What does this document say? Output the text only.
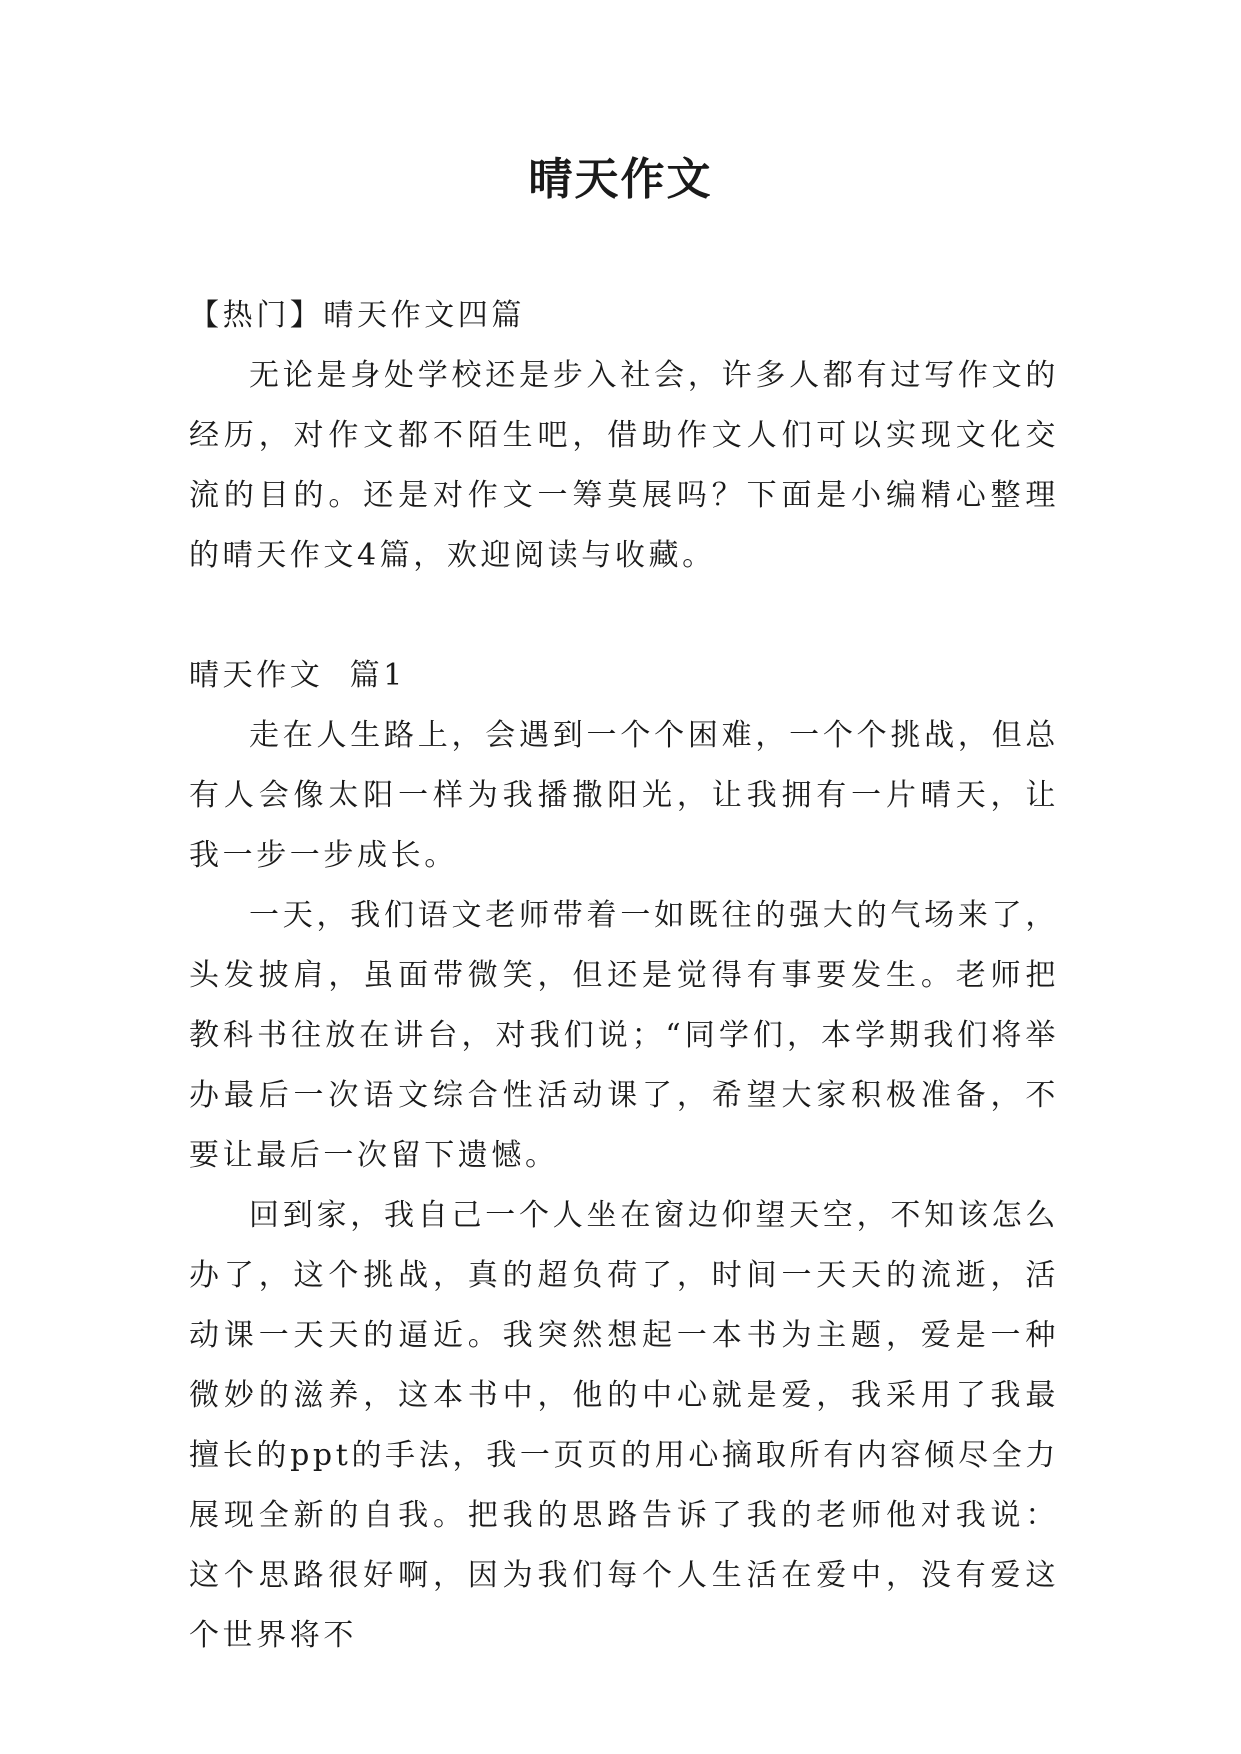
晴天作文

【热门】晴天作文四篇

无论是身处学校还是步入社会，许多人都有过写作文的经历，对作文都不陌生吧，借助作文人们可以实现文化交流的目的。还是对作文一筹莫展吗？下面是小编精心整理的晴天作文4篇，欢迎阅读与收藏。

晴天作文  篇1

走在人生路上，会遇到一个个困难，一个个挑战，但总有人会像太阳一样为我播撒阳光，让我拥有一片晴天，让我一步一步成长。

一天，我们语文老师带着一如既往的强大的气场来了，头发披肩，虽面带微笑，但还是觉得有事要发生。老师把教科书往放在讲台，对我们说；“同学们，本学期我们将举办最后一次语文综合性活动课了，希望大家积极准备，不要让最后一次留下遗憾。

回到家，我自己一个人坐在窗边仰望天空，不知该怎么办了，这个挑战，真的超负荷了，时间一天天的流逝，活动课一天天的逼近。我突然想起一本书为主题，爱是一种微妙的滋养，这本书中，他的中心就是爱，我采用了我最擅长的ppt的手法，我一页页的用心摘取所有内容倾尽全力展现全新的自我。把我的思路告诉了我的老师他对我说：这个思路很好啊，因为我们每个人生活在爱中，没有爱这个世界将不
